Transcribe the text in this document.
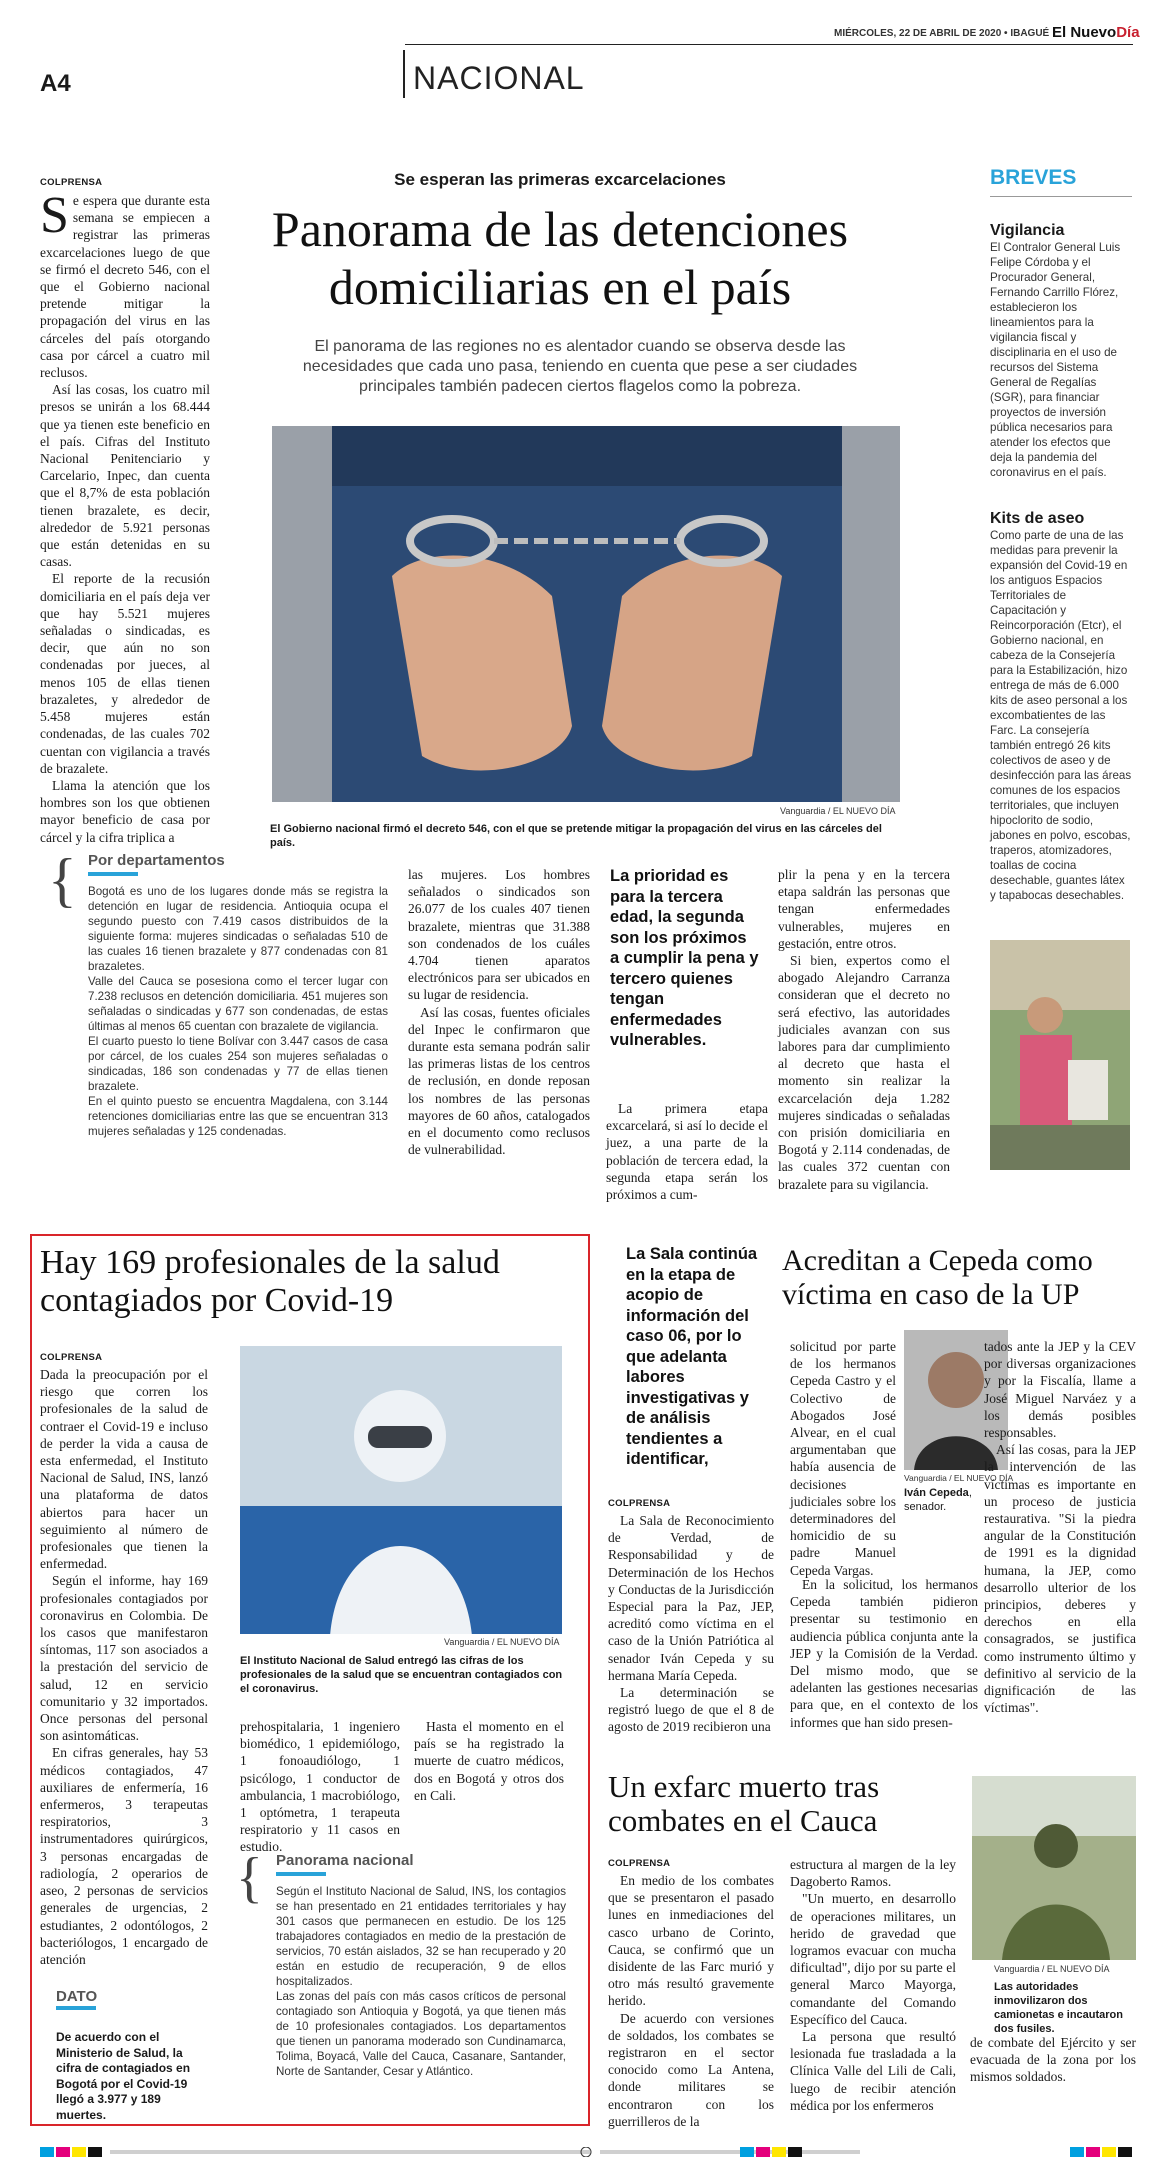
A4	NACIONAL
MIÉRCOLES, 22 DE ABRIL DE 2020 • IBAGUÉ El NuevoDía
COLPRENSA
S e espera que durante esta semana se empiecen a registrar las primeras excarcelaciones luego de que se firmó el decreto 546, con el que el Gobierno nacional pretende mitigar la propagación del virus en las cárceles del país otorgando casa por cárcel a cuatro mil reclusos.

Así las cosas, los cuatro mil presos se unirán a los 68.444 que ya tienen este beneficio en el país. Cifras del Instituto Nacional Penitenciario y Carcelario, Inpec, dan cuenta que el 8,7% de esta población tienen brazalete, es decir, alrededor de 5.921 personas que están detenidas en su casas.

El reporte de la recusión domiciliaria en el país deja ver que hay 5.521 mujeres señaladas o sindicadas, es decir, que aún no son condenadas por jueces, al menos 105 de ellas tienen brazaletes, y alrededor de 5.458 mujeres están condenadas, de las cuales 702 cuentan con vigilancia a través de brazalete.

Llama la atención que los hombres son los que obtienen mayor beneficio de casa por cárcel y la cifra triplica a

Se esperan las primeras excarcelaciones
Panorama de las detenciones
domiciliarias en el país
El panorama de las regiones no es alentador cuando se observa desde las necesidades que cada uno pasa, teniendo en cuenta que pese a ser ciudades principales también padecen ciertos flagelos como la pobreza.
Vanguardia / EL NUEVO DÍA
El Gobierno nacional firmó el decreto 546, con el que se pretende mitigar la propagación del virus en las cárceles del país.
{ Por departamentos

Bogotá es uno de los lugares donde más se registra la detención en lugar de residencia. Antioquia ocupa el segundo puesto con 7.419 casos distribuidos de la siguiente forma: mujeres sindicadas o señaladas 510 de las cuales 16 tienen brazalete y 877 condenadas con 81 brazaletes.

Valle del Cauca se posesiona como el tercer lugar con 7.238 reclusos en detención domiciliaria. 451 mujeres son señaladas o sindicadas y 677 son condenadas, de estas últimas al menos 65 cuentan con brazalete de vigilancia.

El cuarto puesto lo tiene Bolívar con 3.447 casos de casa por cárcel, de los cuales 254 son mujeres señaladas o sindicadas, 186 son condenadas y 77 de ellas tienen brazalete.

En el quinto puesto se encuentra Magdalena, con 3.144 retenciones domiciliarias entre las que se encuentran 313 mujeres señaladas y 125 condenadas.

las mujeres. Los hombres señalados o sindicados son 26.077 de los cuales 407 tienen brazalete, mientras que 31.388 son condenados de los cuáles 4.704 tienen aparatos electrónicos para ser ubicados en su lugar de residencia.

Así las cosas, fuentes oficiales del Inpec le confirmaron que durante esta semana podrán salir las primeras listas de los centros de reclusión, en donde reposan los nombres de las personas mayores de 60 años, catalogados en el documento como reclusos de vulnerabilidad.

La prioridad es para la tercera edad, la segunda son los próximos a cumplir la pena y tercero quienes tengan enfermedades vulnerables.

La primera etapa excarcelará, si así lo decide el juez, a una parte de la población de tercera edad, la segunda etapa serán los próximos a cum-

plir la pena y en la tercera etapa saldrán las personas que tengan enfermedades vulnerables, mujeres en gestación, entre otros.

Si bien, expertos como el abogado Alejandro Carranza consideran que el decreto no será efectivo, las autoridades judiciales avanzan con sus labores para dar cumplimiento al decreto que hasta el momento sin realizar la excarcelación deja 1.282 mujeres sindicadas o señaladas con prisión domiciliaria en Bogotá y 2.114 condenadas, de las cuales 372 cuentan con brazalete para su vigilancia.

BREVES
Vigilancia
El Contralor General Luis Felipe Córdoba y el Procurador General, Fernando Carrillo Flórez, establecieron los lineamientos para la vigilancia fiscal y disciplinaria en el uso de recursos del Sistema General de Regalías (SGR), para financiar proyectos de inversión pública necesarios para atender los efectos que deja la pandemia del coronavirus en el país.
Kits de aseo
Como parte de una de las medidas para prevenir la expansión del Covid-19 en los antiguos Espacios Territoriales de Capacitación y Reincorporación (Etcr), el Gobierno nacional, en cabeza de la Consejería para la Estabilización, hizo entrega de más de 6.000 kits de aseo personal a los excombatientes de las Farc. La consejería también entregó 26 kits colectivos de aseo y de desinfección para las áreas comunes de los espacios territoriales, que incluyen hipoclorito de sodio, jabones en polvo, escobas, traperos, atomizadores, toallas de cocina desechable, guantes látex y tapabocas desechables.
Hay 169 profesionales de la salud
contagiados por Covid-19
COLPRENSA

Dada la preocupación por el riesgo que corren los profesionales de la salud de contraer el Covid-19 e incluso de perder la vida a causa de esta enfermedad, el Instituto Nacional de Salud, INS, lanzó una plataforma de datos abiertos para hacer un seguimiento al número de profesionales que tienen la enfermedad.

Según el informe, hay 169 profesionales contagiados por coronavirus en Colombia. De los casos que manifestaron síntomas, 117 son asociados a la prestación del servicio de salud, 12 en servicio comunitario y 32 importados. Once personas del personal son asintomáticas.

En cifras generales, hay 53 médicos contagiados, 47 auxiliares de enfermería, 16 enfermeros, 3 terapeutas respiratorios, 3 instrumentadores quirúrgicos, 3 personas encargadas de radiología, 2 operarios de aseo, 2 personas de servicios generales de urgencias, 2 estudiantes, 2 odontólogos, 2 bacteriólogos, 1 encargado de atención

Vanguardia / EL NUEVO DÍA
El Instituto Nacional de Salud entregó las cifras de los profesionales de la salud que se encuentran contagiados con el coronavirus.

prehospitalaria, 1 ingeniero biomédico, 1 epidemiólogo, 1 fonoaudiólogo, 1 psicólogo, 1 conductor de ambulancia, 1 macrobiólogo, 1 optómetra, 1 terapeuta respiratorio y 11 casos en estudio.

Hasta el momento en el país se ha registrado la muerte de cuatro médicos, dos en Bogotá y otros dos en Cali.

DATO
De acuerdo con el Ministerio de Salud, la cifra de contagiados en Bogotá por el Covid-19 llegó a 3.977 y 189 muertes.
{ Panorama nacional

Según el Instituto Nacional de Salud, INS, los contagios se han presentado en 21 entidades territoriales y hay 301 casos que permanecen en estudio. De los 125 trabajadores contagiados en medio de la prestación de servicios, 70 están aislados, 32 se han recuperado y 20 están en estudio de recuperación, 9 de ellos hospitalizados.

Las zonas del país con más casos críticos de personal contagiado son Antioquia y Bogotá, ya que tienen más de 10 profesionales contagiados. Los departamentos que tienen un panorama moderado son Cundinamarca, Tolima, Boyacá, Valle del Cauca, Casanare, Santander, Norte de Santander, Cesar y Atlántico.

La Sala continúa en la etapa de acopio de información del caso 06, por lo que adelanta labores investigativas y de análisis tendientes a identificar,
COLPRENSA

La Sala de Reconocimiento de Verdad, de Responsabilidad y de Determinación de los Hechos y Conductas de la Jurisdicción Especial para la Paz, JEP, acreditó como víctima en el caso de la Unión Patriótica al senador Iván Cepeda y su hermana María Cepeda.

La determinación se registró luego de que el 8 de agosto de 2019 recibieron una

Acreditan a Cepeda como
víctima en caso de la UP

solicitud por parte de los hermanos Cepeda Castro y el Colectivo de Abogados José Alvear, en el cual argumentaban que había ausencia de decisiones judiciales sobre los determinadores del homicidio de su padre Manuel Cepeda Vargas.

En la solicitud, los hermanos Cepeda también pidieron presentar su testimonio en audiencia pública conjunta ante la JEP y la Comisión de la Verdad. Del mismo modo, que se adelanten las gestiones necesarias para que, en el contexto de los informes que han sido presen-

Vanguardia / EL NUEVO DÍA
Iván Cepeda, senador.

tados ante la JEP y la CEV por diversas organizaciones y por la Fiscalía, llame a José Miguel Narváez y a los demás posibles responsables.

Así las cosas, para la JEP la intervención de las víctimas es importante en un proceso de justicia restaurativa. "Si la piedra angular de la Constitución de 1991 es la dignidad humana, la JEP, como desarrollo ulterior de los principios, deberes y derechos en ella consagrados, se justifica como instrumento último y definitivo al servicio de la dignificación de las víctimas".

Un exfarc muerto tras
combates en el Cauca
COLPRENSA

En medio de los combates que se presentaron el pasado lunes en inmediaciones del casco urbano de Corinto, Cauca, se confirmó que un disidente de las Farc murió y otro más resultó gravemente herido.

De acuerdo con versiones de soldados, los combates se registraron en el sector conocido como La Antena, donde militares se encontraron con los guerrilleros de la

estructura al margen de la ley Dagoberto Ramos.

"Un muerto, en desarrollo de operaciones militares, un herido de gravedad que logramos evacuar con mucha dificultad", dijo por su parte el general Marco Mayorga, comandante del Comando Específico del Cauca.

La persona que resultó lesionada fue trasladada a la Clínica Valle del Lili de Cali, luego de recibir atención médica por los enfermeros

Vanguardia / EL NUEVO DÍA
Las autoridades inmovilizaron dos camionetas e incautaron dos fusiles.

de combate del Ejército y ser evacuada de la zona por los mismos soldados.
